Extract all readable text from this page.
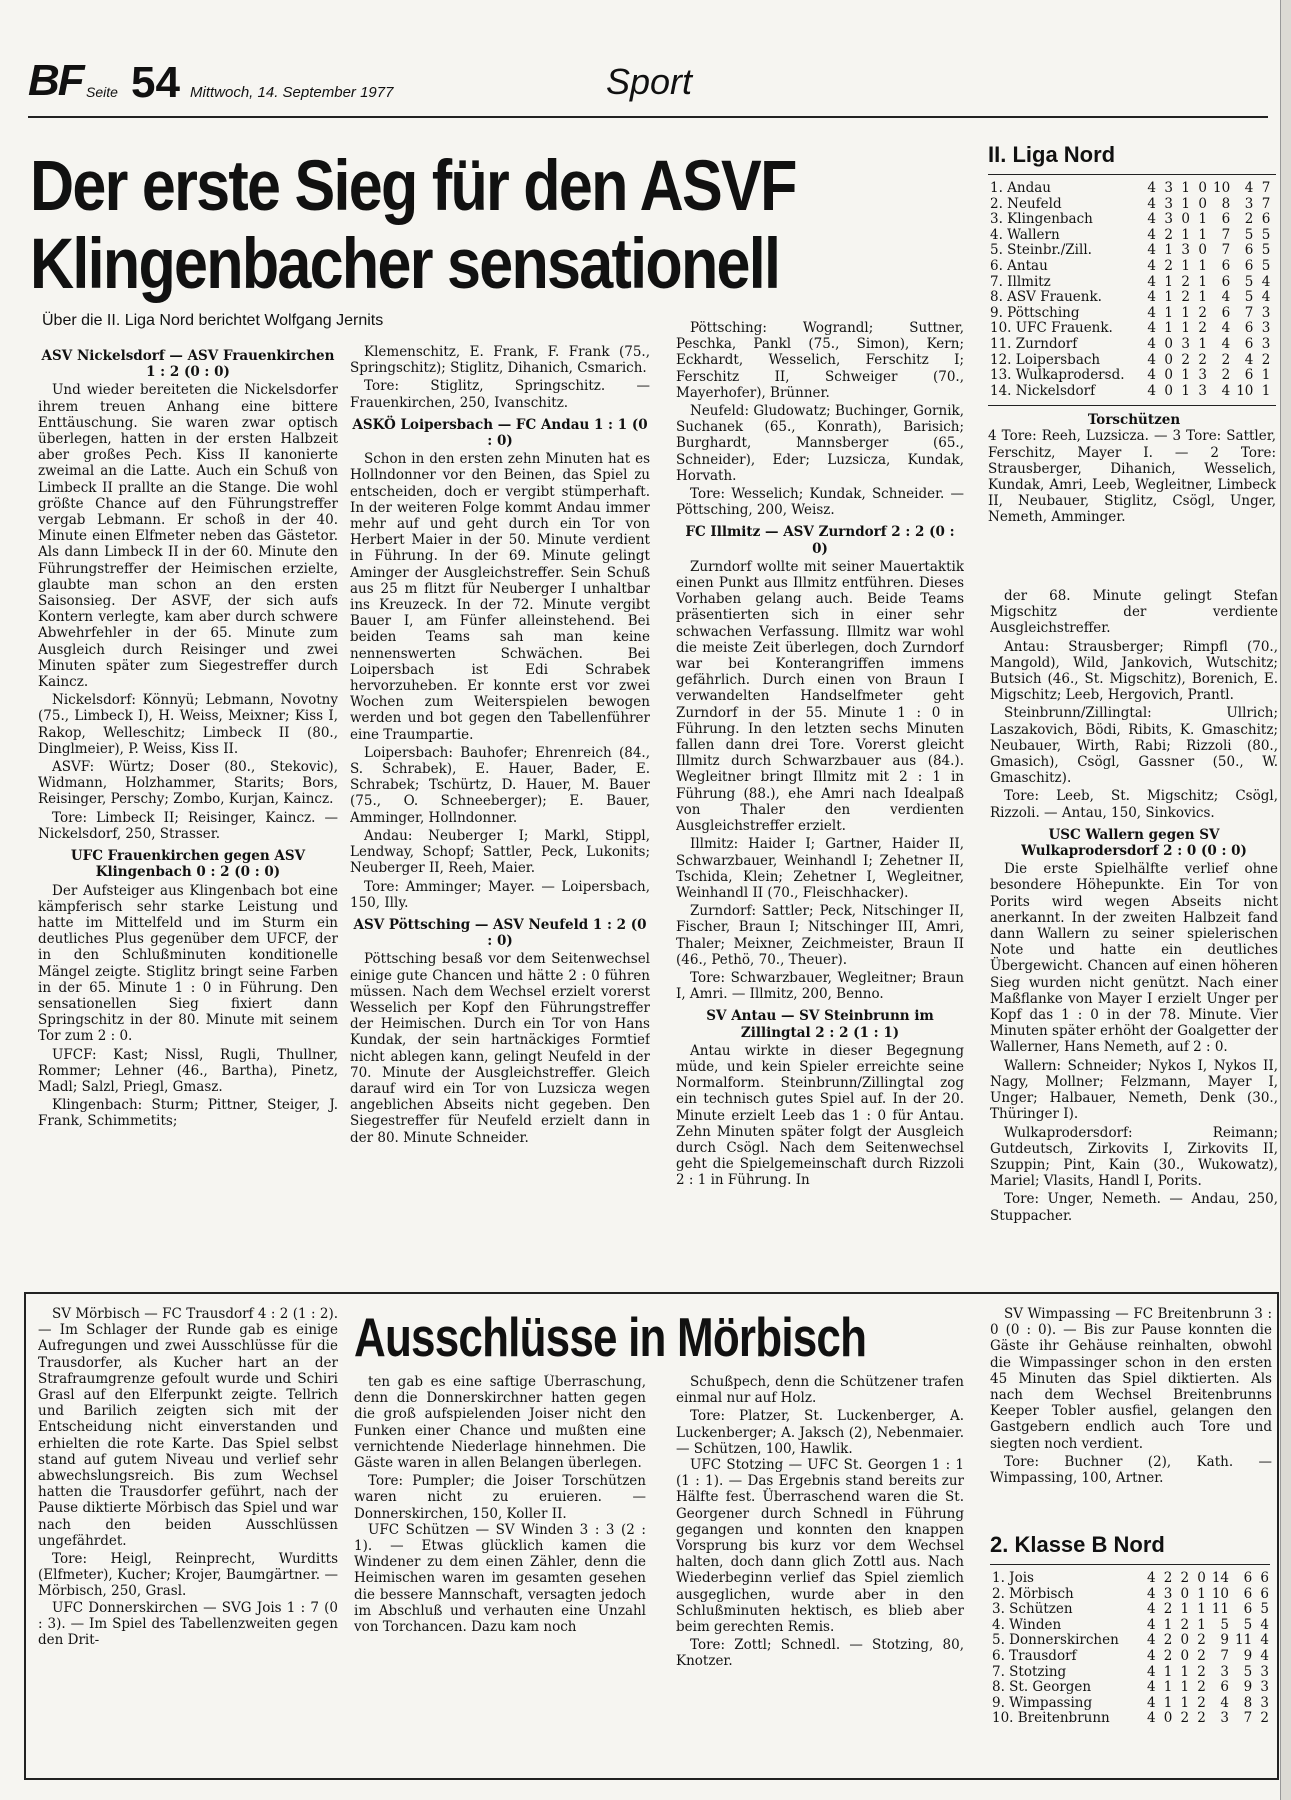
BF Seite 54 Mittwoch, 14. September 1977	Sport
Der erste Sieg für den ASVF
Klingenbacher sensationell
Über die II. Liga Nord berichtet Wolfgang Jernits

ASV Nickelsdorf — ASV Frauenkirchen 1 : 2 (0 : 0)

Und wieder bereiteten die Nickelsdorfer ihrem treuen Anhang eine bittere Enttäuschung. Sie waren zwar optisch überlegen, hatten in der ersten Halbzeit aber großes Pech. Kiss II kanonierte zweimal an die Latte. Auch ein Schuß von Limbeck II prallte an die Stange. Die wohl größte Chance auf den Führungstreffer vergab Lebmann. Er schoß in der 40. Minute einen Elfmeter neben das Gästetor. Als dann Limbeck II in der 60. Minute den Führungstreffer der Heimischen erzielte, glaubte man schon an den ersten Saisonsieg. Der ASVF, der sich aufs Kontern verlegte, kam aber durch schwere Abwehrfehler in der 65. Minute zum Ausgleich durch Reisinger und zwei Minuten später zum Siegestreffer durch Kaincz.

Nickelsdorf: Könnyü; Lebmann, Novotny (75., Limbeck I), H. Weiss, Meixner; Kiss I, Rakop, Welleschitz; Limbeck II (80., Dinglmeier), P. Weiss, Kiss II.

ASVF: Würtz; Doser (80., Stekovic), Widmann, Holzhammer, Starits; Bors, Reisinger, Perschy; Zombo, Kurjan, Kaincz.

Tore: Limbeck II; Reisinger, Kaincz. — Nickelsdorf, 250, Strasser.

UFC Frauenkirchen gegen ASV Klingenbach 0 : 2 (0 : 0)

Der Aufsteiger aus Klingenbach bot eine kämpferisch sehr starke Leistung und hatte im Mittelfeld und im Sturm ein deutliches Plus gegenüber dem UFCF, der in den Schlußminuten konditionelle Mängel zeigte. Stiglitz bringt seine Farben in der 65. Minute 1 : 0 in Führung. Den sensationellen Sieg fixiert dann Springschitz in der 80. Minute mit seinem Tor zum 2 : 0.

UFCF: Kast; Nissl, Rugli, Thullner, Rommer; Lehner (46., Bartha), Pinetz, Madl; Salzl, Priegl, Gmasz.

Klingenbach: Sturm; Pittner, Steiger, J. Frank, Schimmetits;

Klemenschitz, E. Frank, F. Frank (75., Springschitz); Stiglitz, Dihanich, Csmarich.

Tore: Stiglitz, Springschitz. — Frauenkirchen, 250, Ivanschitz.

ASKÖ Loipersbach — FC Andau 1 : 1 (0 : 0)

Schon in den ersten zehn Minuten hat es Hollndonner vor den Beinen, das Spiel zu entscheiden, doch er vergibt stümperhaft. In der weiteren Folge kommt Andau immer mehr auf und geht durch ein Tor von Herbert Maier in der 50. Minute verdient in Führung. In der 69. Minute gelingt Aminger der Ausgleichstreffer. Sein Schuß aus 25 m flitzt für Neuberger I unhaltbar ins Kreuzeck. In der 72. Minute vergibt Bauer I, am Fünfer alleinstehend. Bei beiden Teams sah man keine nennenswerten Schwächen. Bei Loipersbach ist Edi Schrabek hervorzuheben. Er konnte erst vor zwei Wochen zum Weiterspielen bewogen werden und bot gegen den Tabellenführer eine Traumpartie.

Loipersbach: Bauhofer; Ehrenreich (84., S. Schrabek), E. Hauer, Bader, E. Schrabek; Tschürtz, D. Hauer, M. Bauer (75., O. Schneeberger); E. Bauer, Amminger, Hollndonner.

Andau: Neuberger I; Markl, Stippl, Lendway, Schopf; Sattler, Peck, Lukonits; Neuberger II, Reeh, Maier.

Tore: Amminger; Mayer. — Loipersbach, 150, Illy.

ASV Pöttsching — ASV Neufeld 1 : 2 (0 : 0)

Pöttsching besaß vor dem Seitenwechsel einige gute Chancen und hätte 2 : 0 führen müssen. Nach dem Wechsel erzielt vorerst Wesselich per Kopf den Führungstreffer der Heimischen. Durch ein Tor von Hans Kundak, der sein hartnäckiges Formtief nicht ablegen kann, gelingt Neufeld in der 70. Minute der Ausgleichstreffer. Gleich darauf wird ein Tor von Luzsicza wegen angeblichen Abseits nicht gegeben. Den Siegestreffer für Neufeld erzielt dann in der 80. Minute Schneider.

Pöttsching: Wograndl; Suttner, Peschka, Pankl (75., Simon), Kern; Eckhardt, Wesselich, Ferschitz I; Ferschitz II, Schweiger (70., Mayerhofer), Brünner.

Neufeld: Gludowatz; Buchinger, Gornik, Suchanek (65., Konrath), Barisich; Burghardt, Mannsberger (65., Schneider), Eder; Luzsicza, Kundak, Horvath.

Tore: Wesselich; Kundak, Schneider. — Pöttsching, 200, Weisz.

FC Illmitz — ASV Zurndorf 2 : 2 (0 : 0)

Zurndorf wollte mit seiner Mauertaktik einen Punkt aus Illmitz entführen. Dieses Vorhaben gelang auch. Beide Teams präsentierten sich in einer sehr schwachen Verfassung. Illmitz war wohl die meiste Zeit überlegen, doch Zurndorf war bei Konterangriffen immens gefährlich. Durch einen von Braun I verwandelten Handselfmeter geht Zurndorf in der 55. Minute 1 : 0 in Führung. In den letzten sechs Minuten fallen dann drei Tore. Vorerst gleicht Illmitz durch Schwarzbauer aus (84.). Wegleitner bringt Illmitz mit 2 : 1 in Führung (88.), ehe Amri nach Idealpaß von Thaler den verdienten Ausgleichstreffer erzielt.

Illmitz: Haider I; Gartner, Haider II, Schwarzbauer, Weinhandl I; Zehetner II, Tschida, Klein; Zehetner I, Wegleitner, Weinhandl II (70., Fleischhacker).

Zurndorf: Sattler; Peck, Nitschinger II, Fischer, Braun I; Nitschinger III, Amri, Thaler; Meixner, Zeichmeister, Braun II (46., Pethö, 70., Theuer).

Tore: Schwarzbauer, Wegleitner; Braun I, Amri. — Illmitz, 200, Benno.

SV Antau — SV Steinbrunn im Zillingtal 2 : 2 (1 : 1)

Antau wirkte in dieser Begegnung müde, und kein Spieler erreichte seine Normalform. Steinbrunn/Zillingtal zog ein technisch gutes Spiel auf. In der 20. Minute erzielt Leeb das 1 : 0 für Antau. Zehn Minuten später folgt der Ausgleich durch Csögl. Nach dem Seitenwechsel geht die Spielgemeinschaft durch Rizzoli 2 : 1 in Führung. In

II. Liga Nord
1. Andau	4	3	1	0	10	4	7
2. Neufeld	4	3	1	0	8	3	7
3. Klingenbach	4	3	0	1	6	2	6
4. Wallern	4	2	1	1	7	5	5
5. Steinbr./Zill.	4	1	3	0	7	6	5
6. Antau	4	2	1	1	6	6	5
7. Illmitz	4	1	2	1	6	5	4
8. ASV Frauenk.	4	1	2	1	4	5	4
9. Pöttsching	4	1	1	2	6	7	3
10. UFC Frauenk.	4	1	1	2	4	6	3
11. Zurndorf	4	0	3	1	4	6	3
12. Loipersbach	4	0	2	2	2	4	2
13. Wulkaprodersd.	4	0	1	3	2	6	1
14. Nickelsdorf	4	0	1	3	4	10	1
Torschützen
4 Tore: Reeh, Luzsicza. — 3 Tore: Sattler, Ferschitz, Mayer I. — 2 Tore: Strausberger, Dihanich, Wesselich, Kundak, Amri, Leeb, Wegleitner, Limbeck II, Neubauer, Stiglitz, Csögl, Unger, Nemeth, Amminger.

der 68. Minute gelingt Stefan Migschitz der verdiente Ausgleichstreffer.

Antau: Strausberger; Rimpfl (70., Mangold), Wild, Jankovich, Wutschitz; Butsich (46., St. Migschitz), Borenich, E. Migschitz; Leeb, Hergovich, Prantl.

Steinbrunn/Zillingtal: Ullrich; Laszakovich, Bödi, Ribits, K. Gmaschitz; Neubauer, Wirth, Rabi; Rizzoli (80., Gmasich), Csögl, Gassner (50., W. Gmaschitz).

Tore: Leeb, St. Migschitz; Csögl, Rizzoli. — Antau, 150, Sinkovics.

USC Wallern gegen SV Wulkaprodersdorf 2 : 0 (0 : 0)

Die erste Spielhälfte verlief ohne besondere Höhepunkte. Ein Tor von Porits wird wegen Abseits nicht anerkannt. In der zweiten Halbzeit fand dann Wallern zu seiner spielerischen Note und hatte ein deutliches Übergewicht. Chancen auf einen höheren Sieg wurden nicht genützt. Nach einer Maßflanke von Mayer I erzielt Unger per Kopf das 1 : 0 in der 78. Minute. Vier Minuten später erhöht der Goalgetter der Wallerner, Hans Nemeth, auf 2 : 0.

Wallern: Schneider; Nykos I, Nykos II, Nagy, Mollner; Felzmann, Mayer I, Unger; Halbauer, Nemeth, Denk (30., Thüringer I).

Wulkaprodersdorf: Reimann; Gutdeutsch, Zirkovits I, Zirkovits II, Szuppin; Pint, Kain (30., Wukowatz), Mariel; Vlasits, Handl I, Porits.

Tore: Unger, Nemeth. — Andau, 250, Stuppacher.

Ausschlüsse in Mörbisch

SV Mörbisch — FC Trausdorf 4 : 2 (1 : 2). — Im Schlager der Runde gab es einige Aufregungen und zwei Ausschlüsse für die Trausdorfer, als Kucher hart an der Strafraumgrenze gefoult wurde und Schiri Grasl auf den Elferpunkt zeigte. Tellrich und Barilich zeigten sich mit der Entscheidung nicht einverstanden und erhielten die rote Karte. Das Spiel selbst stand auf gutem Niveau und verlief sehr abwechslungsreich. Bis zum Wechsel hatten die Trausdorfer geführt, nach der Pause diktierte Mörbisch das Spiel und war nach den beiden Ausschlüssen ungefährdet.

Tore: Heigl, Reinprecht, Wurditts (Elfmeter), Kucher; Krojer, Baumgärtner. — Mörbisch, 250, Grasl.

UFC Donnerskirchen — SVG Jois 1 : 7 (0 : 3). — Im Spiel des Tabellenzweiten gegen den Drit-

ten gab es eine saftige Überraschung, denn die Donnerskirchner hatten gegen die groß aufspielenden Joiser nicht den Funken einer Chance und mußten eine vernichtende Niederlage hinnehmen. Die Gäste waren in allen Belangen überlegen.

Tore: Pumpler; die Joiser Torschützen waren nicht zu eruieren. — Donnerskirchen, 150, Koller II.

UFC Schützen — SV Winden 3 : 3 (2 : 1). — Etwas glücklich kamen die Windener zu dem einen Zähler, denn die Heimischen waren im gesamten gesehen die bessere Mannschaft, versagten jedoch im Abschluß und verhauten eine Unzahl von Torchancen. Dazu kam noch

Schußpech, denn die Schützener trafen einmal nur auf Holz.

Tore: Platzer, St. Luckenberger, A. Luckenberger; A. Jaksch (2), Nebenmaier. — Schützen, 100, Hawlik.

UFC Stotzing — UFC St. Georgen 1 : 1 (1 : 1). — Das Ergebnis stand bereits zur Hälfte fest. Überraschend waren die St. Georgener durch Schnedl in Führung gegangen und konnten den knappen Vorsprung bis kurz vor dem Wechsel halten, doch dann glich Zottl aus. Nach Wiederbeginn verlief das Spiel ziemlich ausgeglichen, wurde aber in den Schlußminuten hektisch, es blieb aber beim gerechten Remis.

Tore: Zottl; Schnedl. — Stotzing, 80, Knotzer.

SV Wimpassing — FC Breitenbrunn 3 : 0 (0 : 0). — Bis zur Pause konnten die Gäste ihr Gehäuse reinhalten, obwohl die Wimpassinger schon in den ersten 45 Minuten das Spiel diktierten. Als nach dem Wechsel Breitenbrunns Keeper Tobler ausfiel, gelangen den Gastgebern endlich auch Tore und siegten noch verdient.

Tore: Buchner (2), Kath. — Wimpassing, 100, Artner.

2. Klasse B Nord
1. Jois	4	2	2	0	14	6	6
2. Mörbisch	4	3	0	1	10	6	6
3. Schützen	4	2	1	1	11	6	5
4. Winden	4	1	2	1	5	5	4
5. Donnerskirchen	4	2	0	2	9	11	4
6. Trausdorf	4	2	0	2	7	9	4
7. Stotzing	4	1	1	2	3	5	3
8. St. Georgen	4	1	1	2	6	9	3
9. Wimpassing	4	1	1	2	4	8	3
10. Breitenbrunn	4	0	2	2	3	7	2
